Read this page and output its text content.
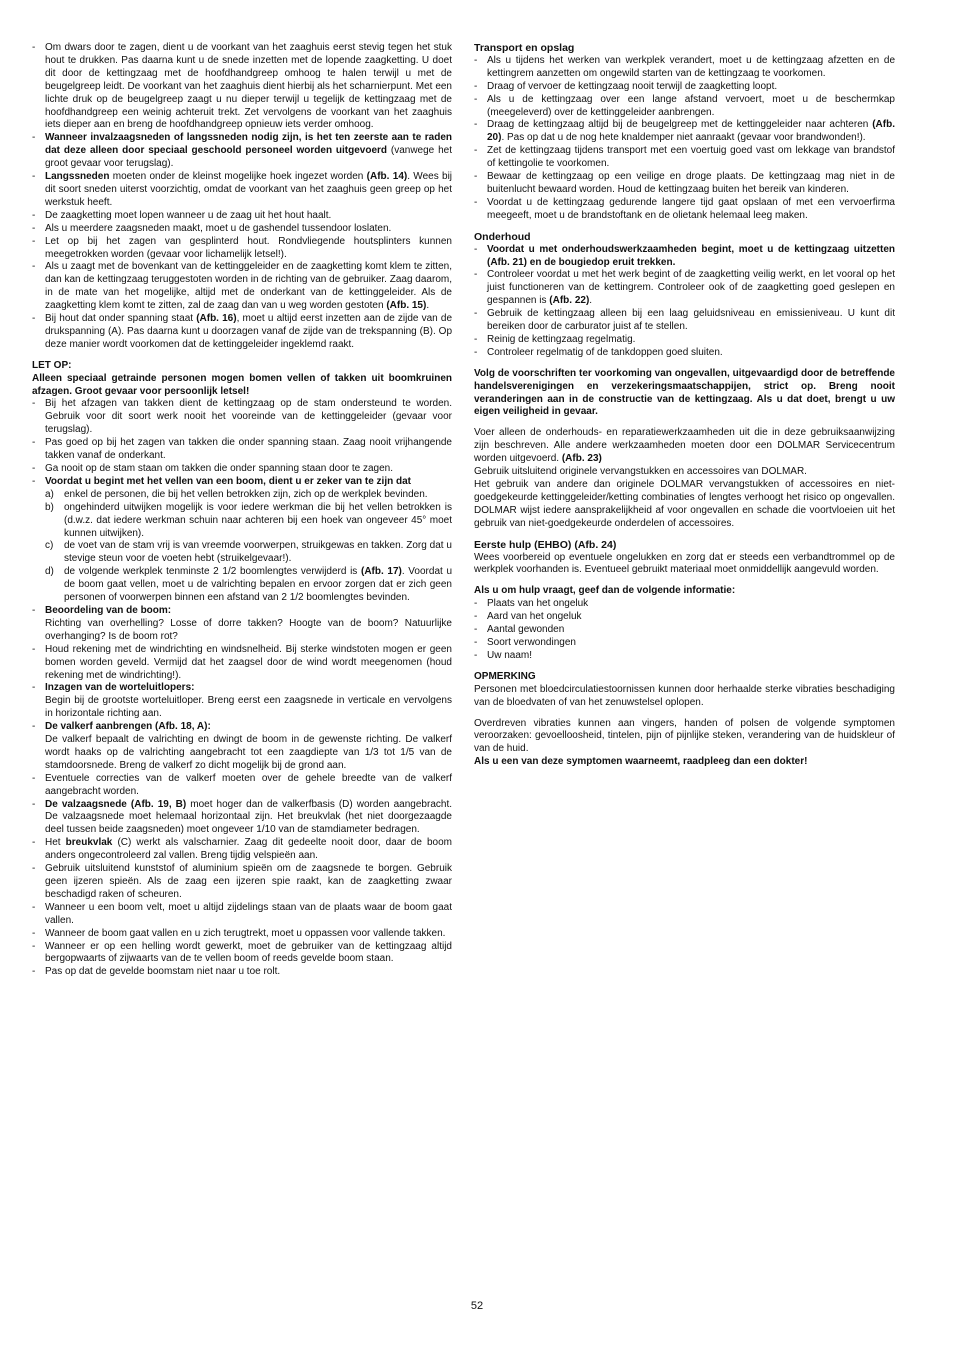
- Om dwars door te zagen, dient u de voorkant van het zaaghuis eerst stevig tegen het stuk hout te drukken. Pas daarna kunt u de snede inzetten met de lopende zaagketting. U doet dit door de kettingzaag met de hoofdhandgreep omhoog te halen terwijl u met de beugelgreep leidt. De voorkant van het zaaghuis dient hierbij als het scharnierpunt. Met een lichte druk op de beugelgreep zaagt u nu dieper terwijl u tegelijk de kettingzaag met de hoofdhandgreep een weinig achteruit trekt. Zet vervolgens de voorkant van het zaaghuis iets dieper aan en breng de hoofdhandgreep opnieuw iets verder omhoog.
- Wanneer invalzaagsneden of langssneden nodig zijn, is het ten zeerste aan te raden dat deze alleen door speciaal geschoold personeel worden uitgevoerd (vanwege het groot gevaar voor terugslag).
- Langssneden moeten onder de kleinst mogelijke hoek ingezet worden (Afb. 14). Wees bij dit soort sneden uiterst voorzichtig, omdat de voorkant van het zaaghuis geen greep op het werkstuk heeft.
- De zaagketting moet lopen wanneer u de zaag uit het hout haalt.
- Als u meerdere zaagsneden maakt, moet u de gashendel tussendoor loslaten.
- Let op bij het zagen van gesplinterd hout. Rondvliegende houtsplinters kunnen meegetrokken worden (gevaar voor lichamelijk letsel!).
- Als u zaagt met de bovenkant van de kettinggeleider en de zaagketting komt klem te zitten, dan kan de kettingzaag teruggestoten worden in de richting van de gebruiker. Zaag daarom, in de mate van het mogelijke, altijd met de onderkant van de kettinggeleider. Als de zaagketting klem komt te zitten, zal de zaag dan van u weg worden gestoten (Afb. 15).
- Bij hout dat onder spanning staat (Afb. 16), moet u altijd eerst inzetten aan de zijde van de drukspanning (A). Pas daarna kunt u doorzagen vanaf de zijde van de trekspanning (B). Op deze manier wordt voorkomen dat de kettinggeleider ingeklemd raakt.
LET OP:
Alleen speciaal getrainde personen mogen bomen vellen of takken uit boomkruinen afzagen. Groot gevaar voor persoonlijk letsel!
- Bij het afzagen van takken dient de kettingzaag op de stam ondersteund te worden. Gebruik voor dit soort werk nooit het vooreinde van de kettinggeleider (gevaar voor terugslag).
- Pas goed op bij het zagen van takken die onder spanning staan. Zaag nooit vrijhangende takken vanaf de onderkant.
- Ga nooit op de stam staan om takken die onder spanning staan door te zagen.
- Voordat u begint met het vellen van een boom, dient u er zeker van te zijn dat
a)	enkel de personen, die bij het vellen betrokken zijn, zich op de werkplek bevinden.
b)	ongehinderd uitwijken mogelijk is voor iedere werkman die bij het vellen betrokken is (d.w.z. dat iedere werkman schuin naar achteren bij een hoek van ongeveer 45° moet kunnen uitwijken).
c)	de voet van de stam vrij is van vreemde voorwerpen, struikgewas en takken. Zorg dat u stevige steun voor de voeten hebt (struikelgevaar!).
d)	de volgende werkplek tenminste 2 1/2 boomlengtes verwijderd is (Afb. 17). Voordat u de boom gaat vellen, moet u de valrichting bepalen en ervoor zorgen dat er zich geen personen of voorwerpen binnen een afstand van 2 1/2 boomlengtes bevinden.
- Beoordeling van de boom:
Richting van overhelling? Losse of dorre takken? Hoogte van de boom? Natuurlijke overhanging? Is de boom rot?
- Houd rekening met de windrichting en windsnelheid. Bij sterke windstoten mogen er geen bomen worden geveld. Vermijd dat het zaagsel door de wind wordt meegenomen (houd rekening met de windrichting!).
- Inzagen van de worteluitlopers:
Begin bij de grootste worteluitloper. Breng eerst een zaagsnede in verticale en vervolgens in horizontale richting aan.
- De valkerf aanbrengen (Afb. 18, A):
De valkerf bepaalt de valrichting en dwingt de boom in de gewenste richting. De valkerf wordt haaks op de valrichting aangebracht tot een zaagdiepte van 1/3 tot 1/5 van de stamdoorsnede. Breng de valkerf zo dicht mogelijk bij de grond aan.
- Eventuele correcties van de valkerf moeten over de gehele breedte van de valkerf aangebracht worden.
- De valzaagsnede (Afb. 19, B) moet hoger dan de valkerfbasis (D) worden aangebracht. De valzaagsnede moet helemaal horizontaal zijn. Het breukvlak (het niet doorgezaagde deel tussen beide zaagsneden) moet ongeveer 1/10 van de stamdiameter bedragen.
- Het breukvlak (C) werkt als valscharnier. Zaag dit gedeelte nooit door, daar de boom anders ongecontroleerd zal vallen. Breng tijdig velspieën aan.
- Gebruik uitsluitend kunststof of aluminium spieën om de zaagsnede te borgen. Gebruik geen ijzeren spieën. Als de zaag een ijzeren spie raakt, kan de zaagketting zwaar beschadigd raken of scheuren.
- Wanneer u een boom velt, moet u altijd zijdelings staan van de plaats waar de boom gaat vallen.
- Wanneer de boom gaat vallen en u zich terugtrekt, moet u oppassen voor vallende takken.
- Wanneer er op een helling wordt gewerkt, moet de gebruiker van de kettingzaag altijd bergopwaarts of zijwaarts van de te vellen boom of reeds gevelde boom staan.
- Pas op dat de gevelde boomstam niet naar u toe rolt.
Transport en opslag
- Als u tijdens het werken van werkplek verandert, moet u de kettingzaag afzetten en de kettingrem aanzetten om ongewild starten van de kettingzaag te voorkomen.
- Draag of vervoer de kettingzaag nooit terwijl de zaagketting loopt.
- Als u de kettingzaag over een lange afstand vervoert, moet u de beschermkap (meegeleverd) over de kettinggeleider aanbrengen.
- Draag de kettingzaag altijd bij de beugelgreep met de kettinggeleider naar achteren (Afb. 20). Pas op dat u de nog hete knaldemper niet aanraakt (gevaar voor brandwonden!).
- Zet de kettingzaag tijdens transport met een voertuig goed vast om lekkage van brandstof of kettingolie te voorkomen.
- Bewaar de kettingzaag op een veilige en droge plaats. De kettingzaag mag niet in de buitenlucht bewaard worden. Houd de kettingzaag buiten het bereik van kinderen.
- Voordat u de kettingzaag gedurende langere tijd gaat opslaan of met een vervoerfirma meegeeft, moet u de brandstoftank en de olietank helemaal leeg maken.
Onderhoud
- Voordat u met onderhoudswerkzaamheden begint, moet u de kettingzaag uitzetten (Afb. 21) en de bougiedop eruit trekken.
- Controleer voordat u met het werk begint of de zaagketting veilig werkt, en let vooral op het juist functioneren van de kettingrem. Controleer ook of de zaagketting goed geslepen en gespannen is (Afb. 22).
- Gebruik de kettingzaag alleen bij een laag geluidsniveau en emissieniveau. U kunt dit bereiken door de carburator juist af te stellen.
- Reinig de kettingzaag regelmatig.
- Controleer regelmatig of de tankdoppen goed sluiten.
Volg de voorschriften ter voorkoming van ongevallen, uitgevaardigd door de betreffende handelsverenigingen en verzekeringsmaatschappijen, strict op. Breng nooit veranderingen aan in de constructie van de kettingzaag. Als u dat doet, brengt u uw eigen veiligheid in gevaar.
Voer alleen de onderhouds- en reparatiewerkzaamheden uit die in deze gebruiksaanwijzing zijn beschreven. Alle andere werkzaamheden moeten door een DOLMAR Servicecentrum worden uitgevoerd. (Afb. 23)
Gebruik uitsluitend originele vervangstukken en accessoires van DOLMAR.
Het gebruik van andere dan originele DOLMAR vervangstukken of accessoires en niet-goedgekeurde kettinggeleider/ketting combinaties of lengtes verhoogt het risico op ongevallen. DOLMAR wijst iedere aansprakelijkheid af voor ongevallen en schade die voortvloeien uit het gebruik van niet-goedgekeurde onderdelen of accessoires.
Eerste hulp (EHBO) (Afb. 24)
Wees voorbereid op eventuele ongelukken en zorg dat er steeds een verbandtrommel op de werkplek voorhanden is. Eventueel gebruikt materiaal moet onmiddellijk aangevuld worden.
Als u om hulp vraagt, geef dan de volgende informatie:
- Plaats van het ongeluk
- Aard van het ongeluk
- Aantal gewonden
- Soort verwondingen
- Uw naam!
OPMERKING
Personen met bloedcirculatiestoornissen kunnen door herhaalde sterke vibraties beschadiging van de bloedvaten of van het zenuwstelsel oplopen.
Overdreven vibraties kunnen aan vingers, handen of polsen de volgende symptomen veroorzaken: gevoelloosheid, tintelen, pijn of pijnlijke steken, verandering van de huidskleur of van de huid.
Als u een van deze symptomen waarneemt, raadpleeg dan een dokter!
52
